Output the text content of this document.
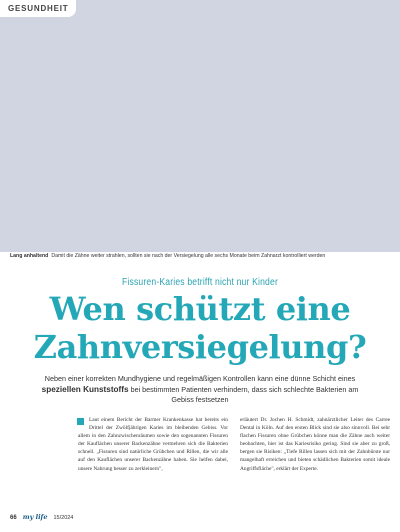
GESUNDHEIT
Lang anhaltend Damit die Zähne weiter strahlen, sollten sie nach der Versiegelung alle sechs Monate beim Zahnarzt kontrolliert werden
Fissuren-Karies betrifft nicht nur Kinder
Wen schützt eine
Zahnversiegelung?

Neben einer korrekten Mundhygiene und regelmäßigen Kontrollen kann eine dünne Schicht eines speziellen Kunststoffs bei bestimmten Patienten verhindern, dass sich schlechte Bakterien am Gebiss festsetzen

Laut einem Bericht der Barmer Krankenkasse hat bereits ein Drittel der Zwölfjährigen Karies im bleibenden Gebiss. Vor allem in den Zahnzwischenräumen sowie den sogenannten Fissuren der Kauflächen unserer Backenzähne vermehren sich die Bakterien schnell. „Fissuren sind natürliche Grübchen und Rillen, die wir alle auf den Kauflächen unserer Backenzähne haben. Sie helfen dabei, unsere Nahrung besser zu zerkleinern",

erläutert Dr. Jochen H. Schmidt, zahnärztlicher Leiter des Carree Dental in Köln. Auf den ersten Blick sind sie also sinnvoll. Bei sehr flachen Fissuren ohne Grübchen könne man die Zähne auch weiter beobachten, hier ist das Kariesrisiko gering. Sind sie aber zu groß, bergen sie Risiken: „Tiefe Rillen lassen sich mit der Zahnbürste nur mangelhaft erreichen und bieten schädlichen Bakterien somit ideale Angriffsfläche", erklärt der Experte.

66 my life 15/2024
